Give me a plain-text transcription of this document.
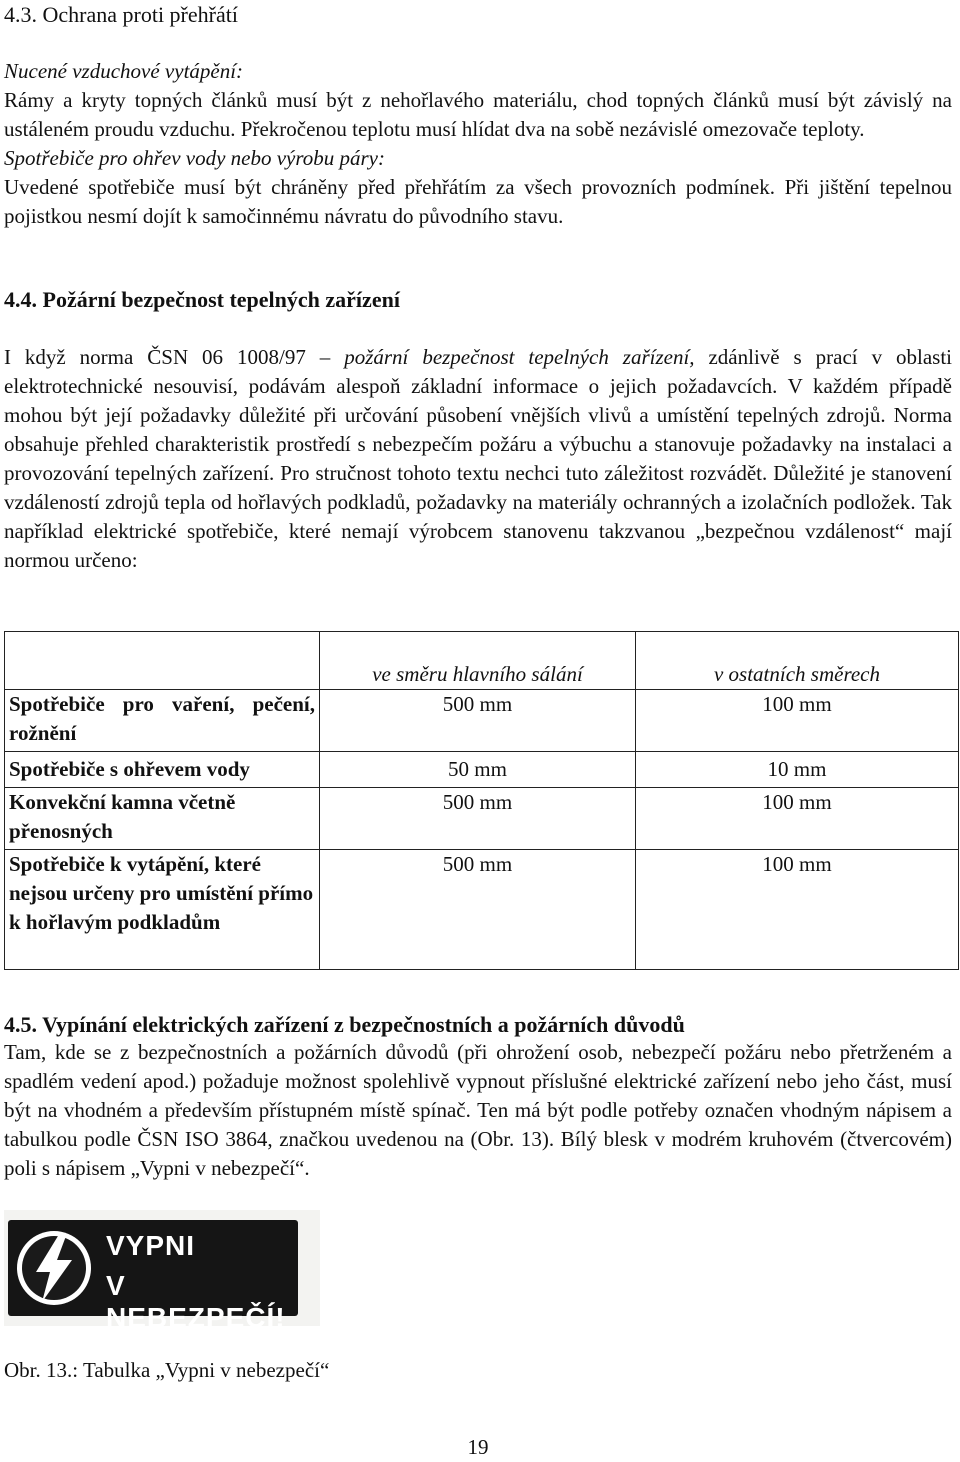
4.3. Ochrana proti přehřátí

Nucené vzduchové vytápění:

Rámy a kryty topných článků musí být z nehořlavého materiálu, chod topných článků musí být závislý na ustáleném proudu vzduchu. Překročenou teplotu musí hlídat dva na sobě nezávislé omezovače teploty.

Spotřebiče pro ohřev vody nebo výrobu páry:

Uvedené spotřebiče musí být chráněny před přehřátím za všech provozních podmínek. Při jištění tepelnou pojistkou nesmí dojít k samočinnému návratu do původního stavu.

4.4. Požární bezpečnost tepelných zařízení

I když norma ČSN 06 1008/97 – požární bezpečnost tepelných zařízení, zdánlivě s prací v oblasti elektrotechnické nesouvisí, podávám alespoň základní informace o jejich požadavcích. V každém případě mohou být její požadavky důležité při určování působení vnějších vlivů a umístění tepelných zdrojů. Norma obsahuje přehled charakteristik prostředí s nebezpečím požáru a výbuchu a stanovuje požadavky na instalaci a provozování tepelných zařízení. Pro stručnost tohoto textu nechci tuto záležitost rozvádět. Důležité je stanovení vzdáleností zdrojů tepla od hořlavých podkladů, požadavky na materiály ochranných a izolačních podložek. Tak například elektrické spotřebiče, které nemají výrobcem stanovenu takzvanou „bezpečnou vzdálenost“ mají normou určeno:

	ve směru hlavního sálání	v ostatních směrech
Spotřebiče pro vaření, pečení, rožnění	500 mm	100 mm
Spotřebiče s ohřevem vody	50 mm	10 mm
Konvekční kamna včetně přenosných	500 mm	100 mm
Spotřebiče k vytápění, které nejsou určeny pro umístění přímo k hořlavým podkladům	500 mm	100 mm
4.5. Vypínání elektrických zařízení z bezpečnostních a požárních důvodů

Tam, kde se z bezpečnostních a požárních důvodů (při ohrožení osob, nebezpečí požáru nebo přetrženém a spadlém vedení apod.) požaduje možnost spolehlivě vypnout příslušné elektrické zařízení nebo jeho část, musí být na vhodném a především přístupném místě spínač. Ten má být podle potřeby označen vhodným nápisem a tabulkou podle ČSN ISO 3864, značkou uvedenou na (Obr. 13). Bílý blesk v modrém kruhovém (čtvercovém) poli s nápisem „Vypni v nebezpečí“.

VYPNI
V NEBEZPEČÍ!
Obr. 13.: Tabulka „Vypni v nebezpečí“
19
